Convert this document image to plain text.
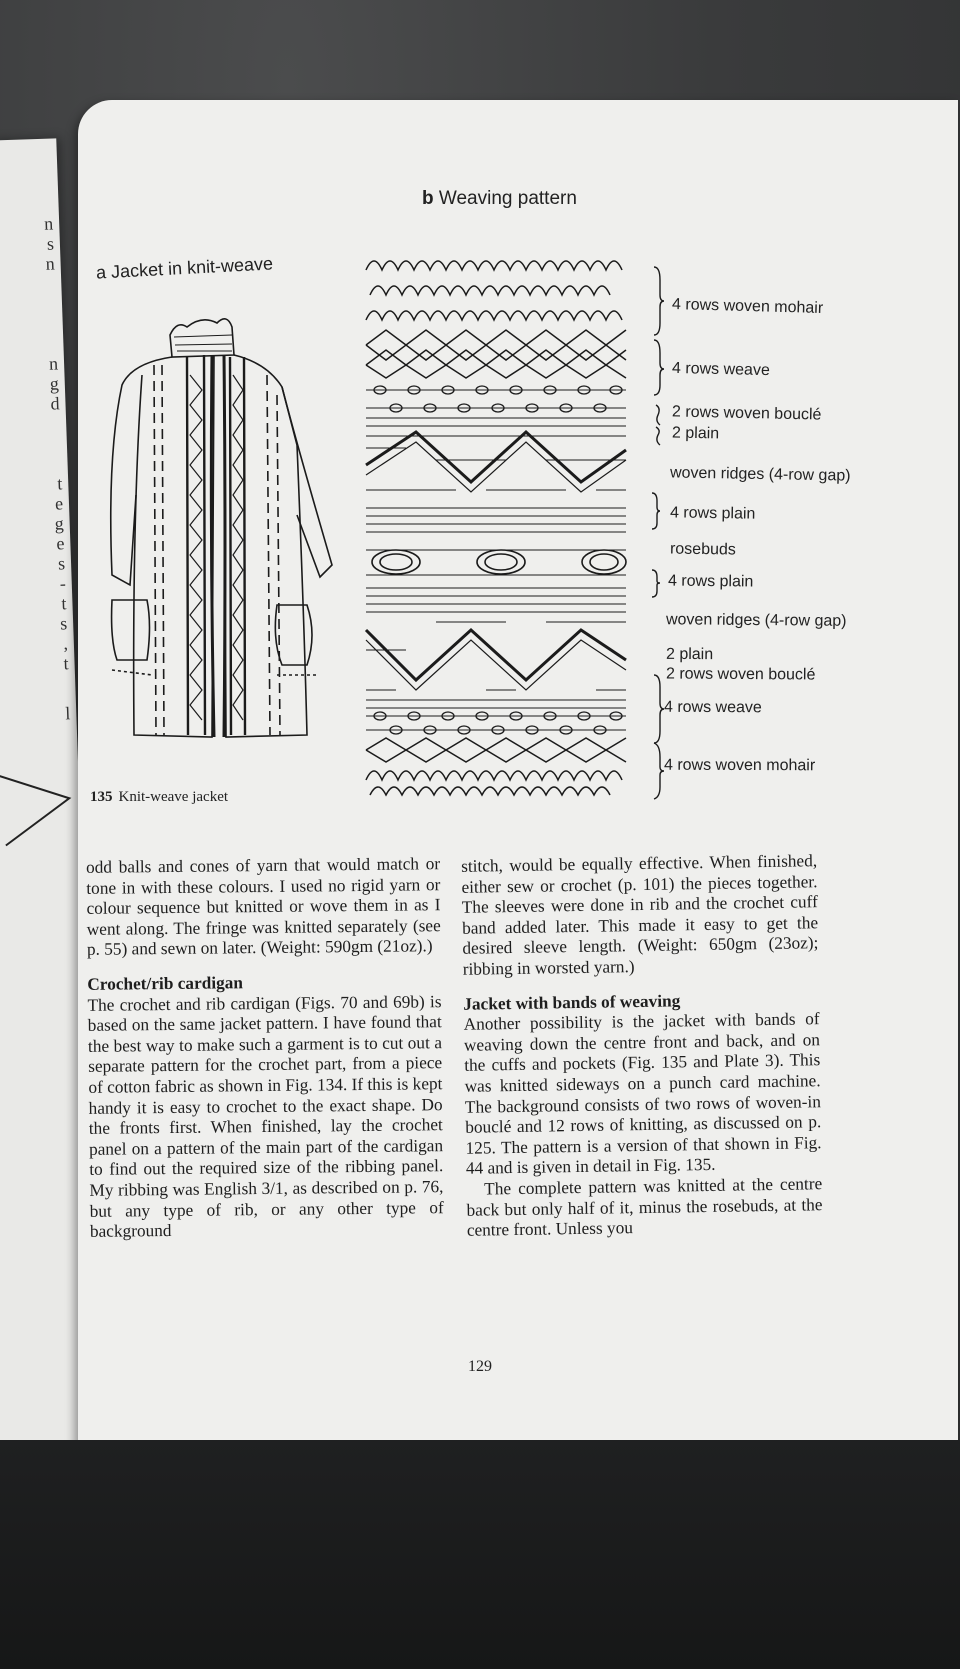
n
s
n
n
g
d
t
e
g
e
s
-
t
s
,
t
l
b Weaving pattern
a Jacket in knit-weave
4 rows woven mohair
4 rows weave
2 rows woven bouclé
2 plain
woven ridges (4-row gap)
4 rows plain
rosebuds
4 rows plain
woven ridges (4-row gap)
2 plain
2 rows woven bouclé
4 rows weave
4 rows woven mohair
135 Knit-weave jacket

odd balls and cones of yarn that would match or tone in with these colours. I used no rigid yarn or colour sequence but knitted or wove them in as I went along. The fringe was knitted separately (see p. 55) and sewn on later. (Weight: 590gm (21oz).)

Crochet/rib cardigan

The crochet and rib cardigan (Figs. 70 and 69b) is based on the same jacket pattern. I have found that the best way to make such a garment is to cut out a separate pattern for the crochet part, from a piece of cotton fabric as shown in Fig. 134. If this is kept handy it is easy to crochet to the exact shape. Do the fronts first. When finished, lay the crochet panel on a pattern of the main part of the cardigan to find out the required size of the ribbing panel. My ribbing was English 3/1, as described on p. 76, but any type of rib, or any other type of background

stitch, would be equally effective. When finished, either sew or crochet (p. 101) the pieces together. The sleeves were done in rib and the crochet cuff band added later. This made it easy to get the desired sleeve length. (Weight: 650gm (23oz); ribbing in worsted yarn.)

Jacket with bands of weaving

Another possibility is the jacket with bands of weaving down the centre front and back, and on the cuffs and pockets (Fig. 135 and Plate 3). This was knitted sideways on a punch card machine. The background consists of two rows of woven-in bouclé and 12 rows of knitting, as discussed on p. 125. The pattern is a version of that shown in Fig. 44 and is given in detail in Fig. 135.

The complete pattern was knitted at the centre back but only half of it, minus the rosebuds, at the centre front. Unless you

129
